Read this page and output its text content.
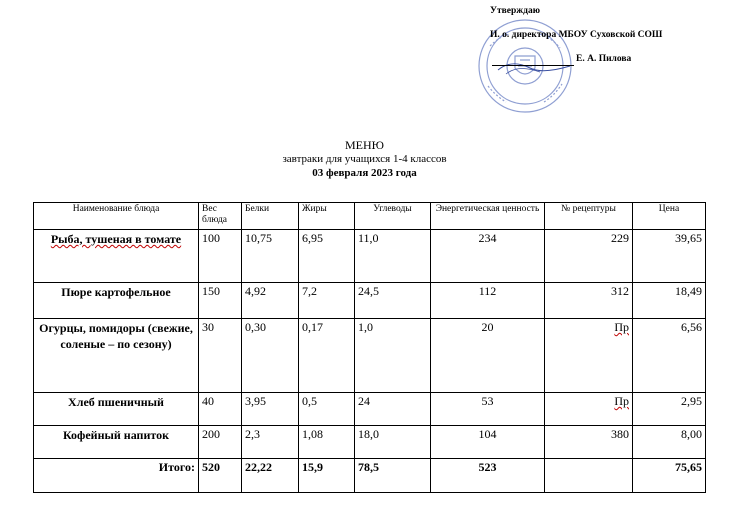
Утверждаю
И. о. директора МБОУ Суховской СОШ
Е. А. Пилова
МЕНЮ
завтраки для учащихся 1-4 классов
03 февраля 2023 года
Наименование блюда	Вес блюда	Белки	Жиры	Углеводы	Энергетическая ценность	№ рецептуры	Цена
Рыба, тушеная в томате	100	10,75	6,95	11,0	234	229	39,65
Пюре картофельное	150	4,92	7,2	24,5	112	312	18,49
Огурцы, помидоры (свежие, соленые – по сезону)	30	0,30	0,17	1,0	20	Пр	6,56
Хлеб пшеничный	40	3,95	0,5	24	53	Пр	2,95
Кофейный напиток	200	2,3	1,08	18,0	104	380	8,00
Итого:	520	22,22	15,9	78,5	523		75,65
